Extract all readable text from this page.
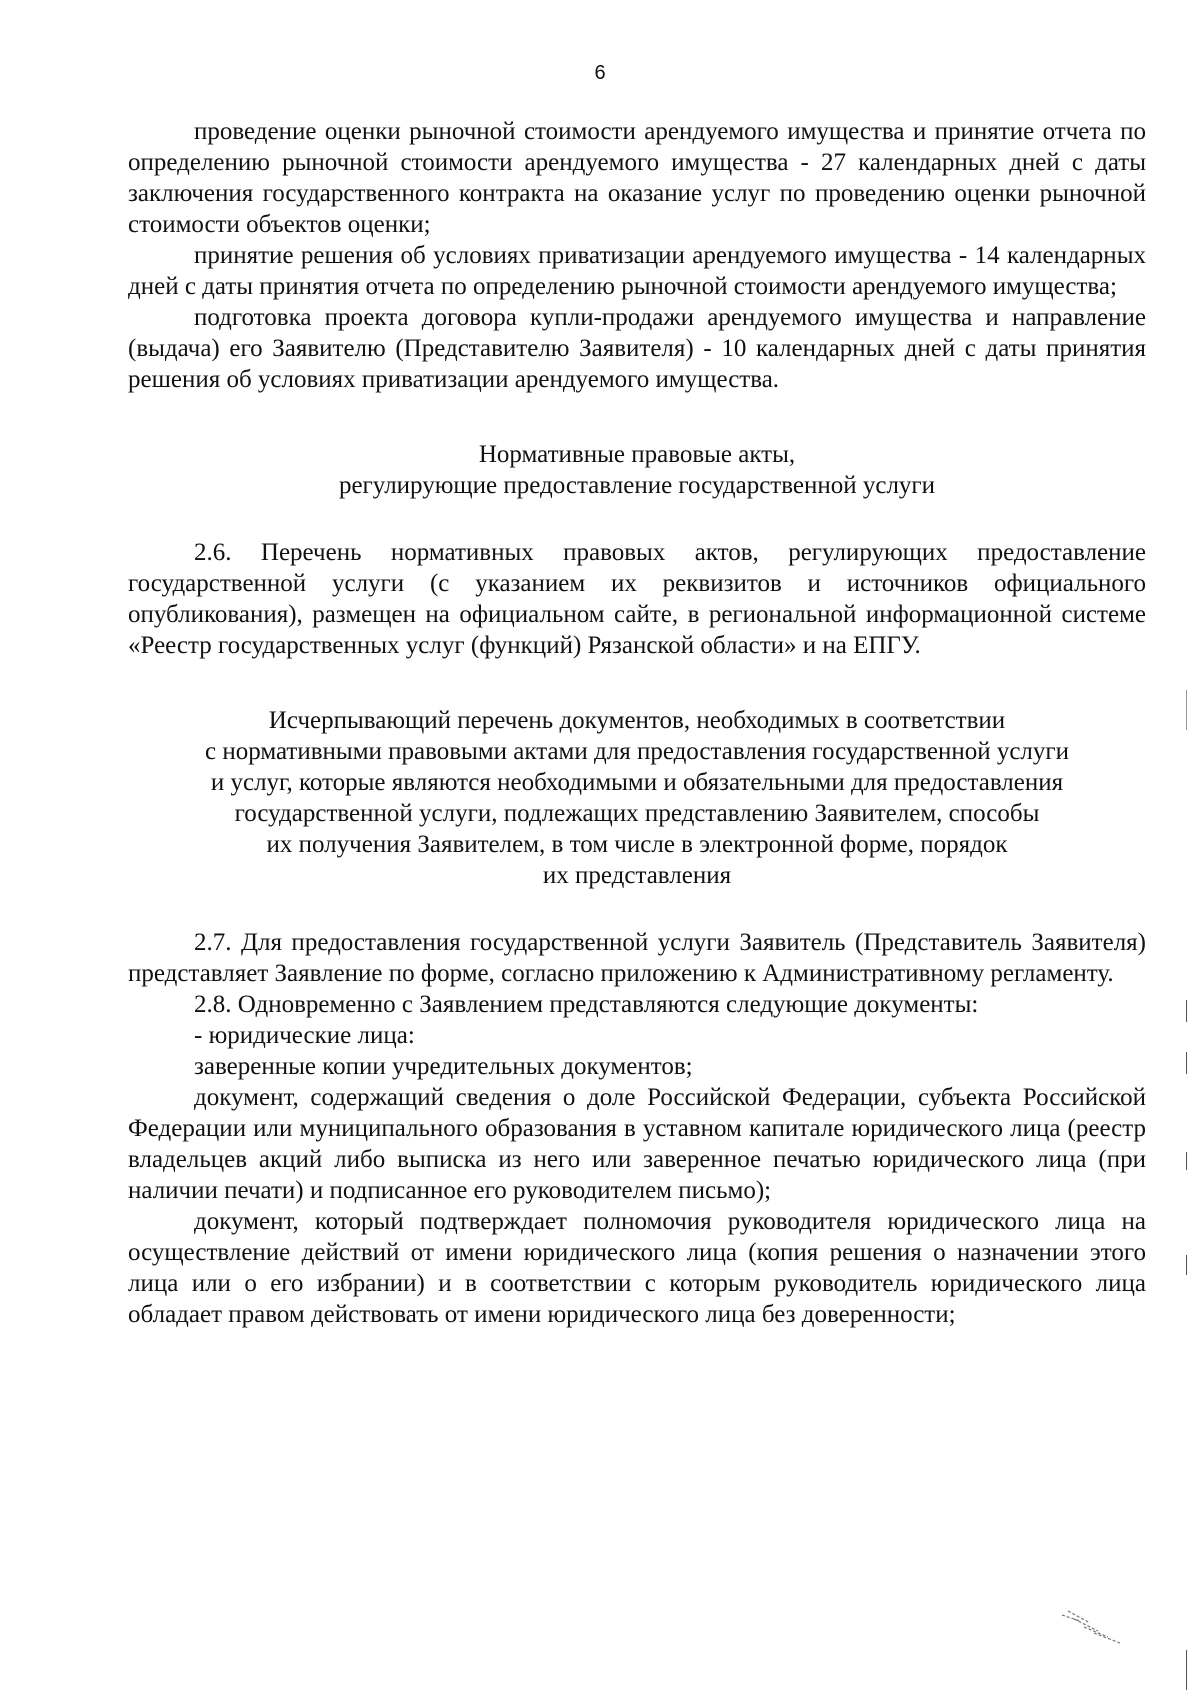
6

проведение оценки рыночной стоимости арендуемого имущества и принятие отчета по определению рыночной стоимости арендуемого имущества - 27 календарных дней с даты заключения государственного контракта на оказание услуг по проведению оценки рыночной стоимости объектов оценки;

принятие решения об условиях приватизации арендуемого имущества - 14 календарных дней с даты принятия отчета по определению рыночной стоимости арендуемого имущества;

подготовка проекта договора купли-продажи арендуемого имущества и направление (выдача) его Заявителю (Представителю Заявителя) - 10 календарных дней с даты принятия решения об условиях приватизации арендуемого имущества.

Нормативные правовые акты,
регулирующие предоставление государственной услуги

2.6. Перечень нормативных правовых актов, регулирующих предоставление государственной услуги (с указанием их реквизитов и источников официального опубликования), размещен на официальном сайте, в региональной информационной системе «Реестр государственных услуг (функций) Рязанской области» и на ЕПГУ.

Исчерпывающий перечень документов, необходимых в соответствии
с нормативными правовыми актами для предоставления государственной услуги
и услуг, которые являются необходимыми и обязательными для предоставления
государственной услуги, подлежащих представлению Заявителем, способы
их получения Заявителем, в том числе в электронной форме, порядок
их представления

2.7. Для предоставления государственной услуги Заявитель (Представитель Заявителя) представляет Заявление по форме, согласно приложению к Административному регламенту.

2.8. Одновременно с Заявлением представляются следующие документы:

- юридические лица:

заверенные копии учредительных документов;

документ, содержащий сведения о доле Российской Федерации, субъекта Российской Федерации или муниципального образования в уставном капитале юридического лица (реестр владельцев акций либо выписка из него или заверенное печатью юридического лица (при наличии печати) и подписанное его руководителем письмо);

документ, который подтверждает полномочия руководителя юридического лица на осуществление действий от имени юридического лица (копия решения о назначении этого лица или о его избрании) и в соответствии с которым руководитель юридического лица обладает правом действовать от имени юридического лица без доверенности;
